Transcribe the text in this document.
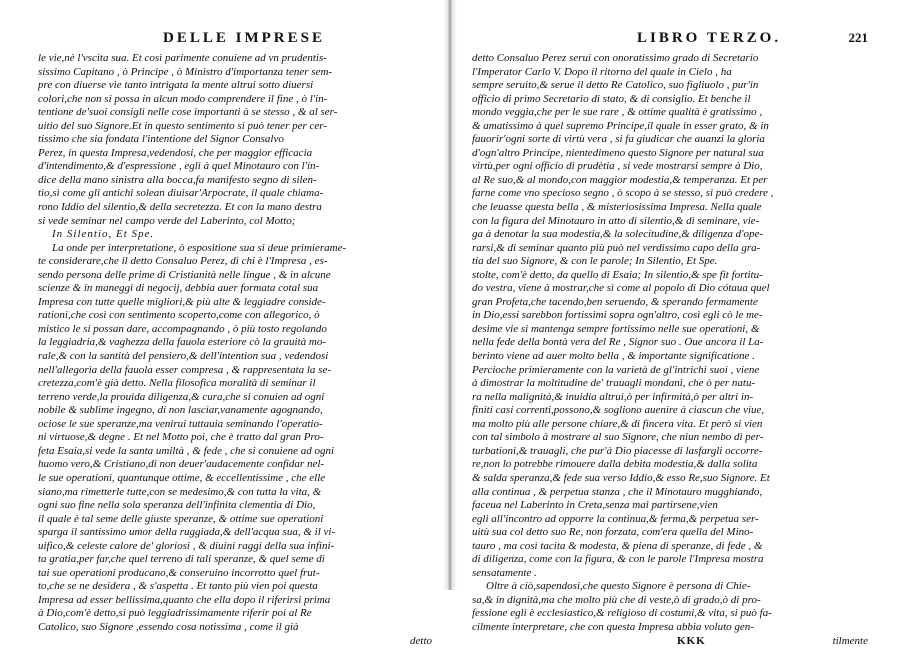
DELLE IMPRESE
le vie,nè l'vscita sua. Et così parimente conuiene ad vn prudentis-
sissimo Capitano , ò Principe , ò Ministro d'importanza tener sem-
pre con diuerse vie tanto intrigata la mente altrui sotto diuersi
colori,che non si possa in alcun modo comprendere il fine , ò l'in-
tentione de'suoi consigli nelle cose importanti à se stesso , & al ser-
uitio del suo Signore.Et in questo sentimento si può tener per cer-
tissimo che sia fondata l'intentione del Signor Consalvo
Perez, in questa Impresa,vedendosi, che per maggior efficacia
d'intendimento,& d'espressione , egli à quel Minotauro con l'in-
dice della mano sinistra alla bocca,fa manifesto segno di silen-
tio,sì come gli antichi solean diuisar'Arpocrate, il quale chiama-
rono Iddio del silentio,& della secretezza. Et con la mano destra
si vede seminar nel campo verde del Laberinto, col Motto;
In Silentio, Et Spe.
La onde per interpretatione, ò espositione sua si deue primierame-
te considerare,che il detto Consaluo Perez, di chi è l'Impresa , es-
sendo persona delle prime di Cristianità nelle lingue , & in alcune
scienze & in maneggi di negocij, debbia auer formata cotal sua
Impresa con tutte quelle migliori,& più alte & leggiadre conside-
rationi,che così con sentimento scoperto,come con allegorico, ò
mistico le si possan dare, accompagnando , ò più tosto regolando
la leggiadria,& vaghezza della fauola esteriore cò la grauità mo-
rale,& con la santità del pensiero,& dell'intention sua , vedendosi
nell'allegoria della fauola esser compresa , & rappresentata la se-
cretezza,com'è già detto. Nella filosofica moralità di seminar il
terreno verde,la prouida diligenza,& cura,che si conuien ad ogni
nobile & sublime ingegno, di non lasciar,vanamente agognando,
ociose le sue speranze,ma venirui tuttauia seminando l'operatio-
ni virtuose,& degne . Et nel Motto poi, che è tratto dal gran Pro-
feta Esaia,si vede la santa umiltà , & fede , che si conuiene ad ogni
huomo vero,& Cristiano,di non deuer'audacemente confidar nel-
le sue operationi, quantunque ottime, & eccellentissime , che elle
siano,ma rimetterle tutte,con se medesimo,& con tutta la vita, &
ogni suo fine nella sola speranza dell'infinita clementia di Dio,
il quale è tal seme delle giuste speranze, & ottime sue operationi
sparga il santissimo umor della ruggiada,& dell'acqua sua, & il vi-
uifico,& celeste calore de' gloriosi , & diuini raggi della sua infini-
ta gratia,per far,che quel terreno di tali speranze, & quel seme di
tai sue operationi producano,& conseruino incorrotto quel frut-
to,che se ne desidera , & s'aspetta . Et tanto più vien poi questa
Impresa ad esser bellissima,quanto che ella dopo il riferirsi prima
à Dio,com'è detto,si può leggiadrissimamente riferir poi al Re
Catolico, suo Signore ,essendo cosa notissima , come il già
detto
LIBRO TERZO.	221
detto Consaluo Perez serui con onoratissimo grado di Secretario
l'Imperator Carlo V. Dopo il ritorno del quale in Cielo , ha
sempre seruito,& serue il detto Re Catolico, suo figliuolo , pur'in
officio di primo Secretario di stato, & di consiglio. Et benche il
mondo veggia,che per le sue rare , & ottime qualità è gratissimo ,
& amatissimo à quel supremo Principe,il quale in esser grato, & in
fauorir'ogni sorte di virtù vera , si fa giudicar che auanzi la gloria
d'ogn'altro Principe, nientedimeno questo Signore per natural sua
virtù,per ogni officio di prudètia , si vede mostrarsi sempre à Dio,
al Re suo,& al mondo,con maggior modestia,& temperanza. Et per
farne come vno specioso segno , ò scopo à se stesso, si può credere ,
che leuasse questa bella , & misteriosissima Impresa. Nella quale
con la figura del Minotauro in atto di silentio,& di seminare, vie-
ga à denotar la sua modestia,& la solecitudine,& diligenza d'ope-
rarsi,& di seminar quanto più può nel verdissimo capo della gra-
tia del suo Signore, & con le parole; In Silentio, Et Spe.
stolte, com'è detto, da quello di Esaia; In silentio,& spe fit fortitu-
do vestra, viene à mostrar,che sì come al popolo di Dio cótaua quel
gran Profeta,che tacendo,ben seruendo, & sperando fermamente
in Dio,essi sarebbon fortissimi sopra ogn'altro, così egli cò le me-
desime vie si mantenga sempre fortissimo nelle sue operationi, &
nella fede della bontà vera del Re , Signor suo . Oue ancora il La-
berinto viene ad auer molto bella , & importante significatione .
Percioche primieramente con la varietà de gl'intrichi suoi , viene
à dimostrar la moltitudine de' trauagli mondani, che ò per natu-
ra nella malignità,& inuidia altrui,ò per infirmità,ò per altri in-
finiti casi correnti,possono,& sogliono auenire à ciascun che viue,
ma molto più alle persone chiare,& di fincera vita. Et però si vien
con tal simbolo à mostrare al suo Signore, che niun nembo di per-
turbationi,& trauagli, che pur'à Dio piacesse di lasfargli occorre-
re,non lo potrebbe rimouere dalla debita modestia,& dalla solita
& salda speranza,& fede sua verso Iddio,& esso Re,suo Signore. Et
alla continua , & perpetua stanza , che il Minotauro mugghiando,
faceua nel Laberinto in Creta,senza mai partirsene,vien
egli all'incontro ad opporre la continua,& ferma,& perpetua ser-
uitù sua col detto suo Re, non forzata, com'era quella del Mino-
tauro , ma così tacita & modesta, & piena di speranze, di fede , &
di diligenza, come con la figura, & con le parole l'Impresa mostra
sensatamente .
Oltre à ciò,sapendosi,che questo Signore è persona di Chie-
sa,& in dignità,ma che molto più che di veste,ò di grado,ò di pro-
fessione egli è ecclesiastico,& religioso di costumi,& vita, si può fa-
cilmente interpretare, che con questa Impresa abbia voluto gen-
KKK	tilmente
